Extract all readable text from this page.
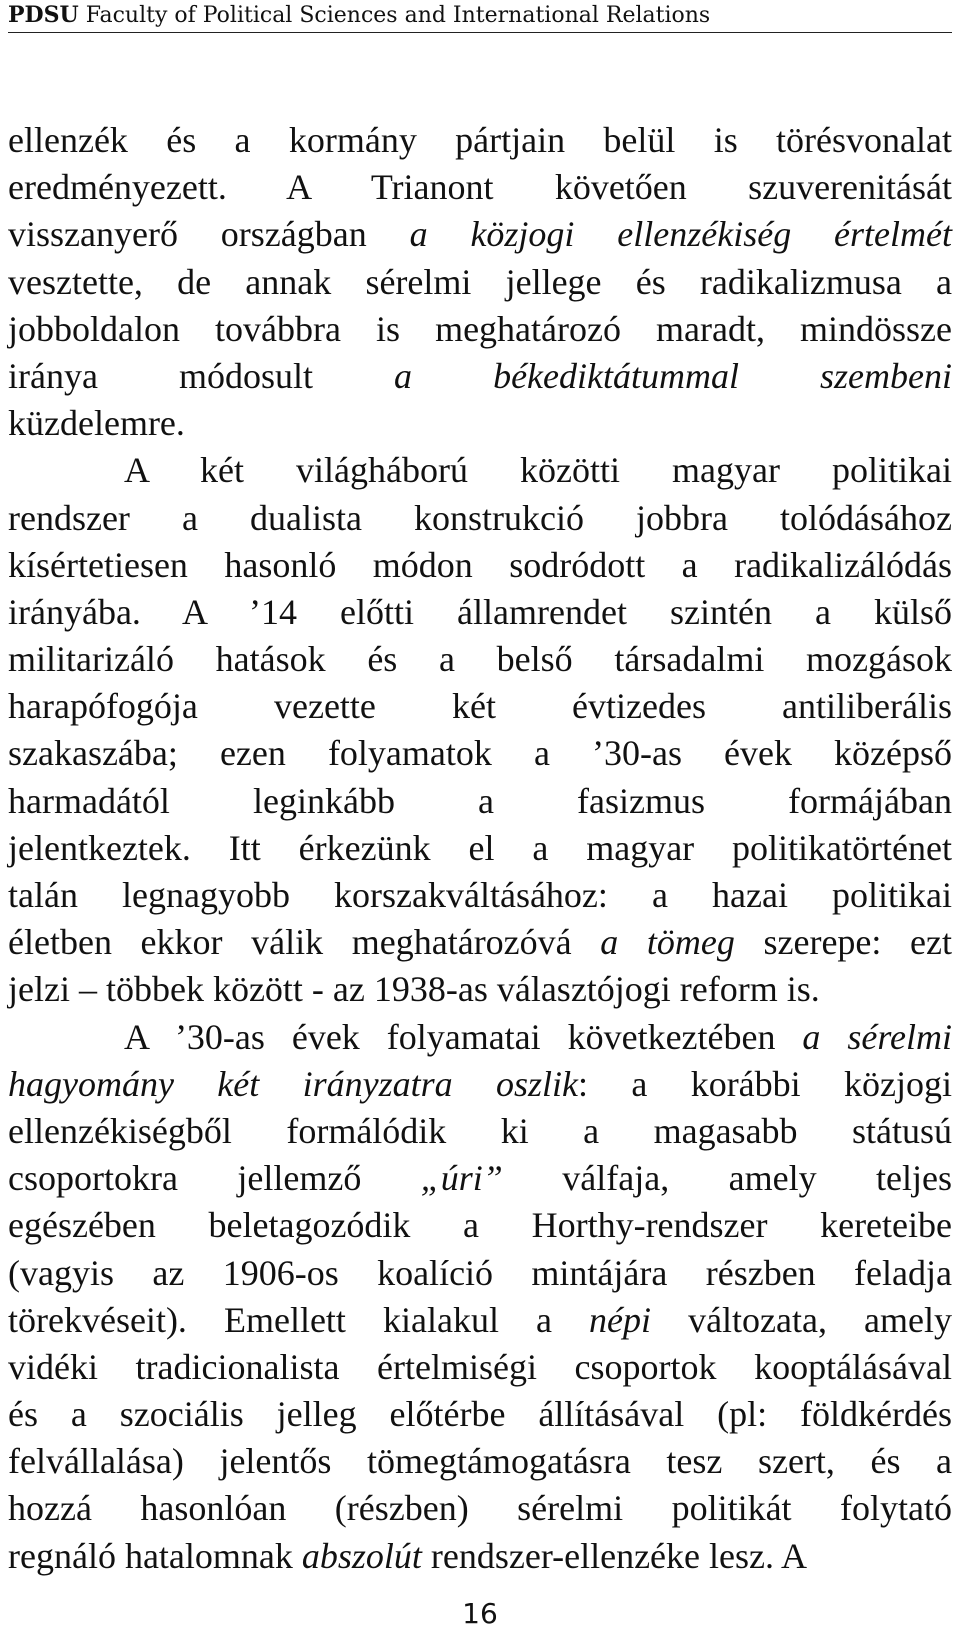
PDSU Faculty of Political Sciences and International Relations
ellenzék és a kormány pártjain belül is törésvonalat
eredményezett. A Trianont követően szuverenitását
visszanyerő országban a közjogi ellenzékiség értelmét
vesztette, de annak sérelmi jellege és radikalizmusa a
jobboldalon továbbra is meghatározó maradt, mindössze
iránya módosult a békediktátummal szembeni
küzdelemre.
A két világháború közötti magyar politikai
rendszer a dualista konstrukció jobbra tolódásához
kísértetiesen hasonló módon sodródott a radikalizálódás
irányába. A ’14 előtti államrendet szintén a külső
militarizáló hatások és a belső társadalmi mozgások
harapófogója vezette két évtizedes antiliberális
szakaszába; ezen folyamatok a ’30-as évek középső
harmadától leginkább a fasizmus formájában
jelentkeztek. Itt érkezünk el a magyar politikatörténet
talán legnagyobb korszakváltásához: a hazai politikai
életben ekkor válik meghatározóvá a tömeg szerepe: ezt
jelzi – többek között - az 1938-as választójogi reform is.
A ’30-as évek folyamatai következtében a sérelmi
hagyomány két irányzatra oszlik: a korábbi közjogi
ellenzékiségből formálódik ki a magasabb státusú
csoportokra jellemző „úri” válfaja, amely teljes
egészében beletagozódik a Horthy-rendszer kereteibe
(vagyis az 1906-os koalíció mintájára részben feladja
törekvéseit). Emellett kialakul a népi változata, amely
vidéki tradicionalista értelmiségi csoportok kooptálásával
és a szociális jelleg előtérbe állításával (pl: földkérdés
felvállalása) jelentős tömegtámogatásra tesz szert, és a
hozzá hasonlóan (részben) sérelmi politikát folytató
regnáló hatalomnak abszolút rendszer-ellenzéke lesz. A
16
